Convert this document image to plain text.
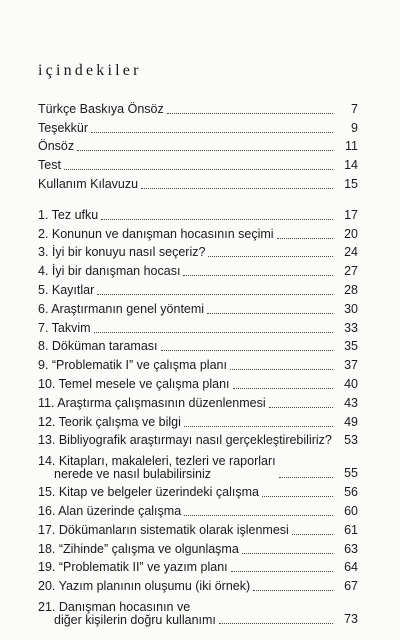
içindekiler
Türkçe Baskıya Önsöz	7
Teşekkür	9
Önsöz	11
Test	14
Kullanım Kılavuzu	15
1. Tez ufku	17
2. Konunun ve danışman hocasının seçimi	20
3. İyi bir konuyu nasıl seçeriz?	24
4. İyi bir danışman hocası	27
5. Kayıtlar	28
6. Araştırmanın genel yöntemi	30
7. Takvim	33
8. Döküman taraması	35
9. “Problematik I” ve çalışma planı	37
10. Temel mesele ve çalışma planı	40
11. Araştırma çalışmasının düzenlenmesi	43
12. Teorik çalışma ve bilgi	49
13. Bibliyografik araştırmayı nasıl gerçekleştirebiliriz? 53
14. Kitapları, makaleleri, tezleri ve raporları
nerede ve nasıl bulabilirsiniz	55
15. Kitap ve belgeler üzerindeki çalışma	56
16. Alan üzerinde çalışma	60
17. Dökümanların sistematik olarak işlenmesi	61
18. “Zihinde” çalışma ve olgunlaşma	63
19. “Problematik II” ve yazım planı	64
20. Yazım planının oluşumu (iki örnek)	67
21. Danışman hocasının ve
diğer kişilerin doğru kullanımı	73
